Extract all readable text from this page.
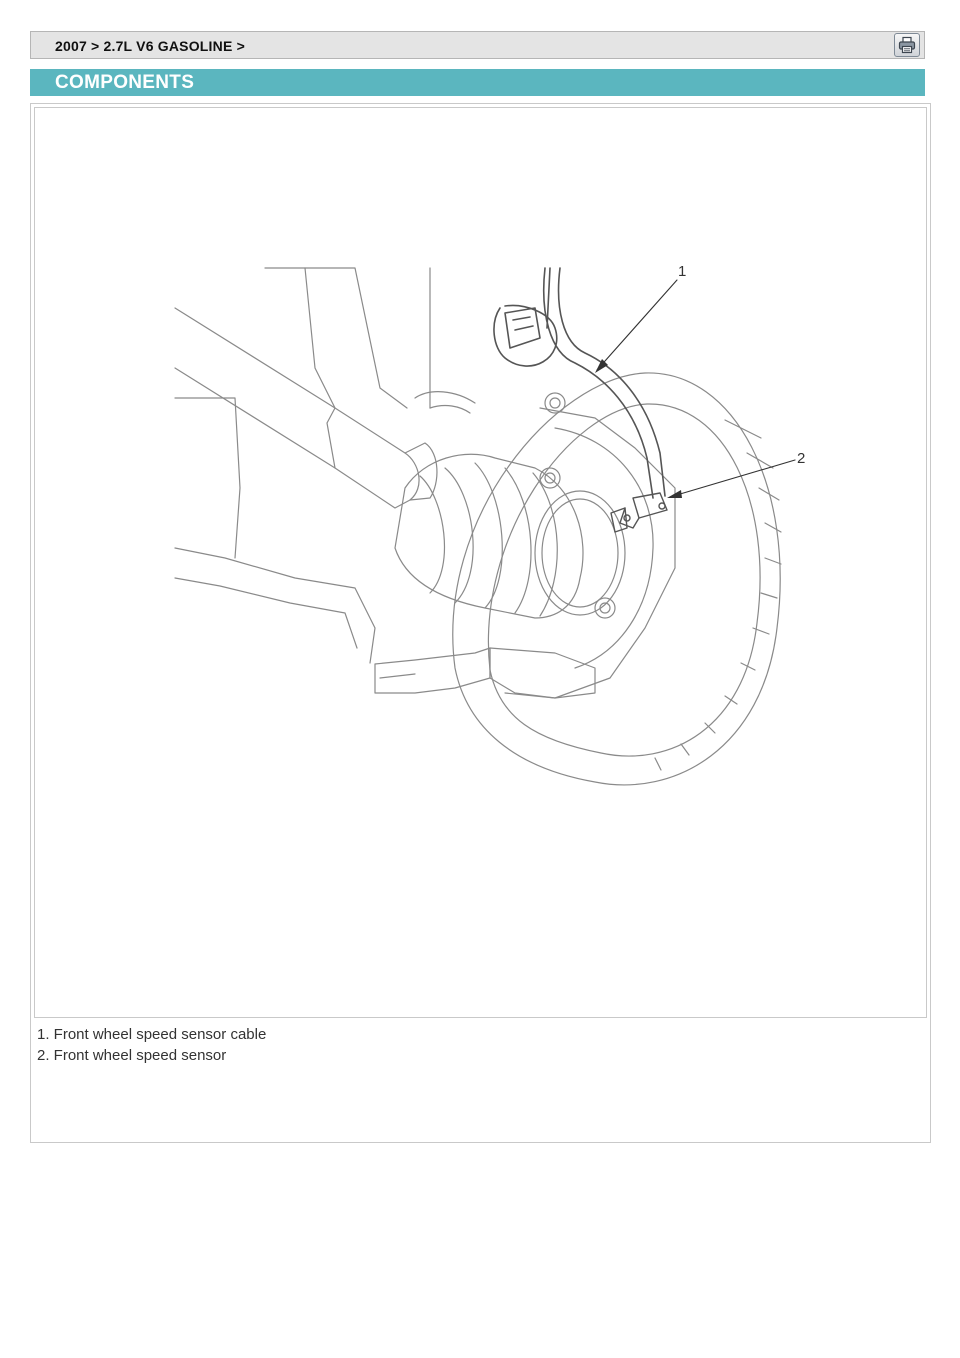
2007 > 2.7L V6 GASOLINE >
COMPONENTS
1
2
1. Front wheel speed sensor cable
2. Front wheel speed sensor
